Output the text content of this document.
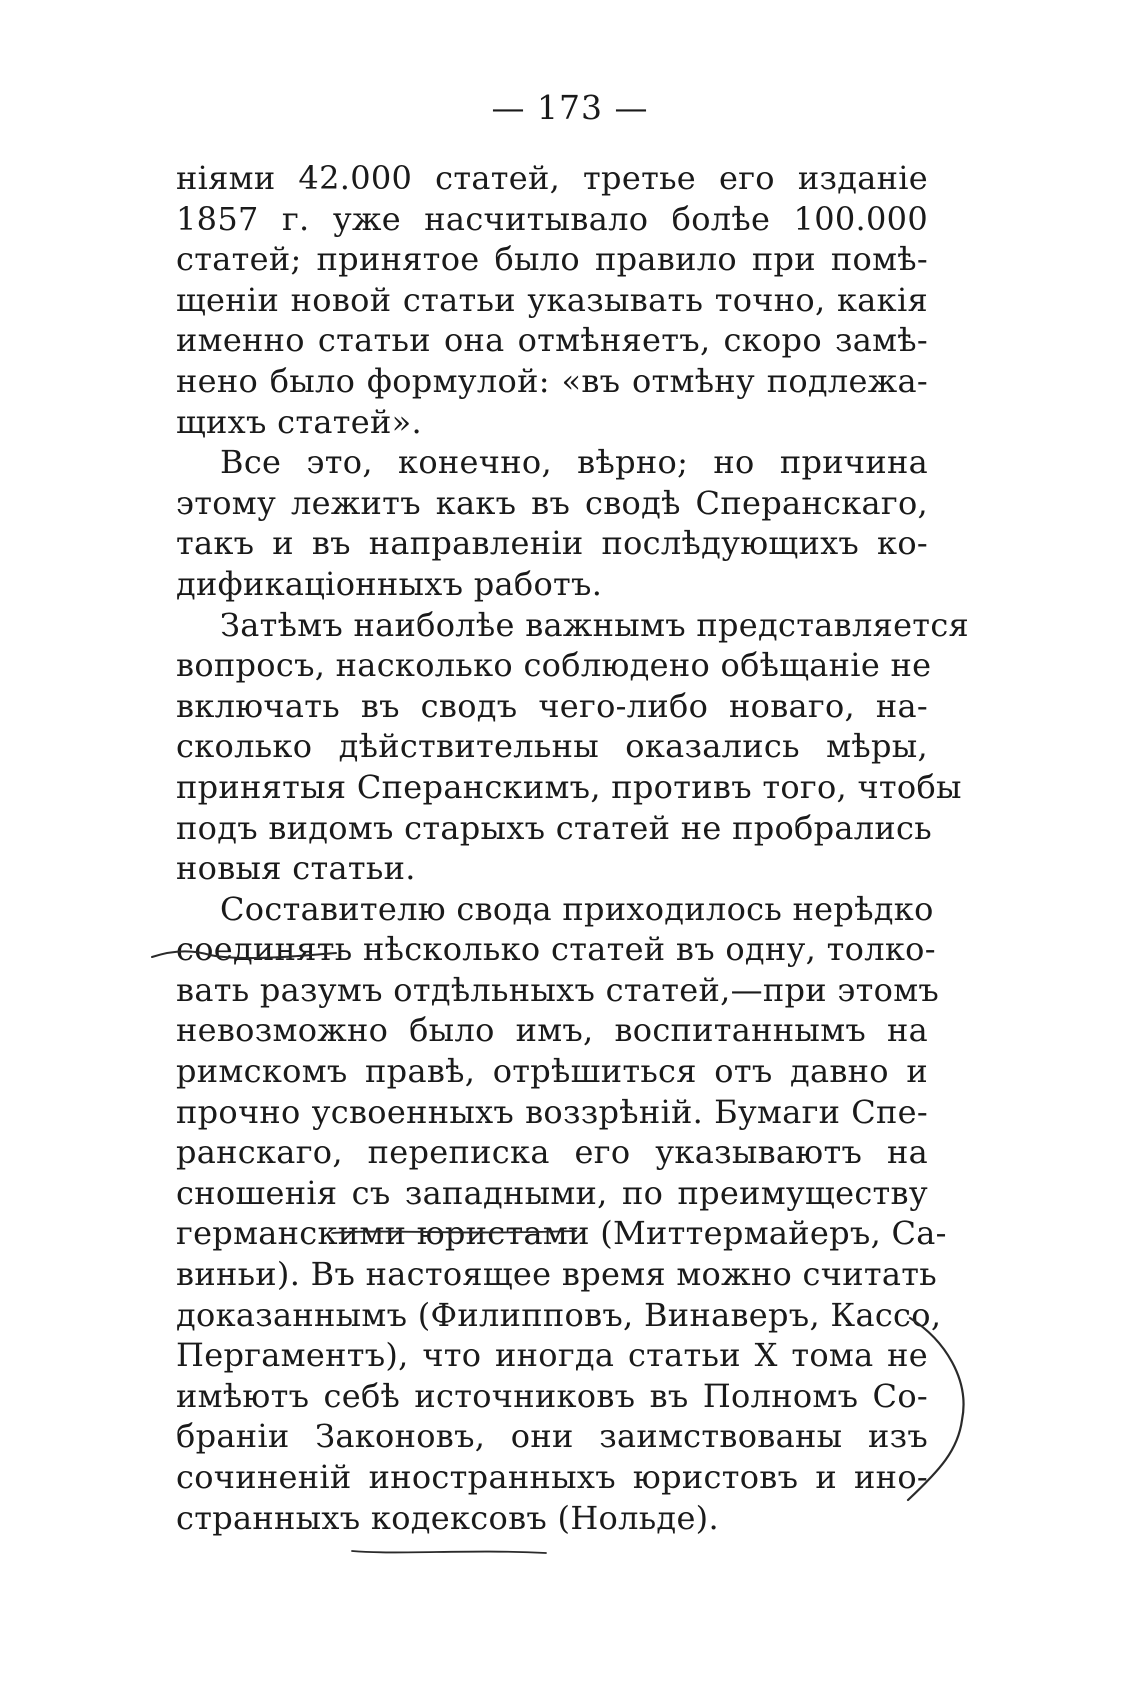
— 173 —
ніями 42.000 статей, третье его изданіе
1857 г. уже насчитывало болѣе 100.000
статей; принятое было правило при помѣ-
щеніи новой статьи указывать точно, какія
именно статьи она отмѣняетъ, скоро замѣ-
нено было формулой: «въ отмѣну подлежа-
щихъ статей».
Все это, конечно, вѣрно; но причина
этому лежитъ какъ въ сводѣ Сперанскаго,
такъ и въ направленіи послѣдующихъ ко-
дификаціонныхъ работъ.
Затѣмъ наиболѣе важнымъ представляется
вопросъ, насколько соблюдено обѣщаніе не
включать въ сводъ чего-либо новаго, на-
сколько дѣйствительны оказались мѣры,
принятыя Сперанскимъ, противъ того, чтобы
подъ видомъ старыхъ статей не пробрались
новыя статьи.
Составителю свода приходилось нерѣдко
соединять нѣсколько статей въ одну, толко-
вать разумъ отдѣльныхъ статей,—при этомъ
невозможно было имъ, воспитаннымъ на
римскомъ правѣ, отрѣшиться отъ давно и
прочно усвоенныхъ воззрѣній. Бумаги Спе-
ранскаго, переписка его указываютъ на
сношенія съ западными, по преимуществу
германскими юристами (Миттермайеръ, Са-
виньи). Въ настоящее время можно считать
доказаннымъ (Филипповъ, Винаверъ, Кассо,
Пергаментъ), что иногда статьи X тома не
имѣютъ себѣ источниковъ въ Полномъ Со-
браніи Законовъ, они заимствованы изъ
сочиненій иностранныхъ юристовъ и ино-
странныхъ кодексовъ (Нольде).
